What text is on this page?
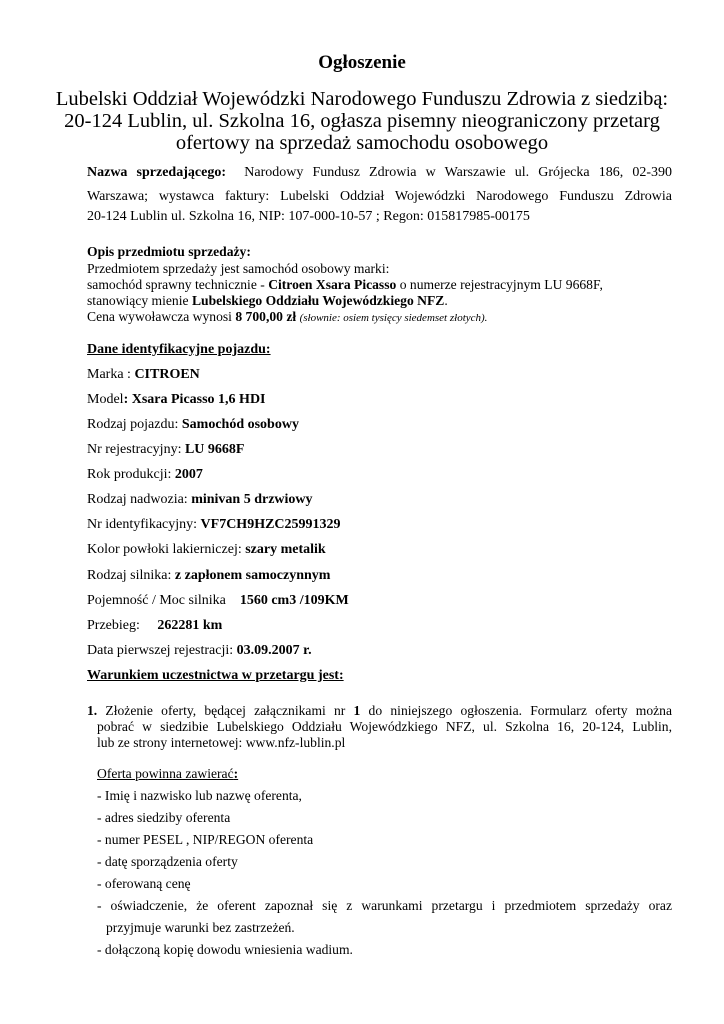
Ogłoszenie
Lubelski Oddział Wojewódzki Narodowego Funduszu Zdrowia z siedzibą:
20-124 Lublin, ul. Szkolna 16, ogłasza pisemny nieograniczony przetarg
ofertowy na sprzedaż samochodu osobowego
Nazwa sprzedającego: Narodowy Fundusz Zdrowia w Warszawie ul. Grójecka 186, 02-390
Warszawa; wystawca faktury: Lubelski Oddział Wojewódzki Narodowego Funduszu Zdrowia
20-124 Lublin ul. Szkolna 16, NIP: 107-000-10-57 ; Regon: 015817985-00175
Opis przedmiotu sprzedaży:
Przedmiotem sprzedaży jest samochód osobowy marki:
samochód sprawny technicznie - Citroen Xsara Picasso o numerze rejestracyjnym LU 9668F,
stanowiący mienie Lubelskiego Oddziału Wojewódzkiego NFZ.
Cena wywoławcza wynosi 8 700,00 zł (słownie: osiem tysięcy siedemset złotych).
Dane identyfikacyjne pojazdu:
Marka : CITROEN
Model: Xsara Picasso 1,6 HDI
Rodzaj pojazdu: Samochód osobowy
Nr rejestracyjny: LU 9668F
Rok produkcji: 2007
Rodzaj nadwozia: minivan 5 drzwiowy
Nr identyfikacyjny: VF7CH9HZC25991329
Kolor powłoki lakierniczej: szary metalik
Rodzaj silnika: z zapłonem samoczynnym
Pojemność / Moc silnika    1560 cm3 /109KM
Przebieg:     262281 km
Data pierwszej rejestracji: 03.09.2007 r.
Warunkiem uczestnictwa w przetargu jest:
1. Złożenie oferty, będącej załącznikami nr 1 do niniejszego ogłoszenia. Formularz oferty można
pobrać w siedzibie Lubelskiego Oddziału Wojewódzkiego NFZ, ul. Szkolna 16, 20-124, Lublin,
lub ze strony internetowej: www.nfz-lublin.pl
Oferta powinna zawierać:
- Imię i nazwisko lub nazwę oferenta,
- adres siedziby oferenta
- numer PESEL , NIP/REGON oferenta
- datę sporządzenia oferty
- oferowaną cenę
- oświadczenie, że oferent zapoznał się z warunkami przetargu i przedmiotem sprzedaży oraz
przyjmuje warunki bez zastrzeżeń.
- dołączoną kopię dowodu wniesienia wadium.
